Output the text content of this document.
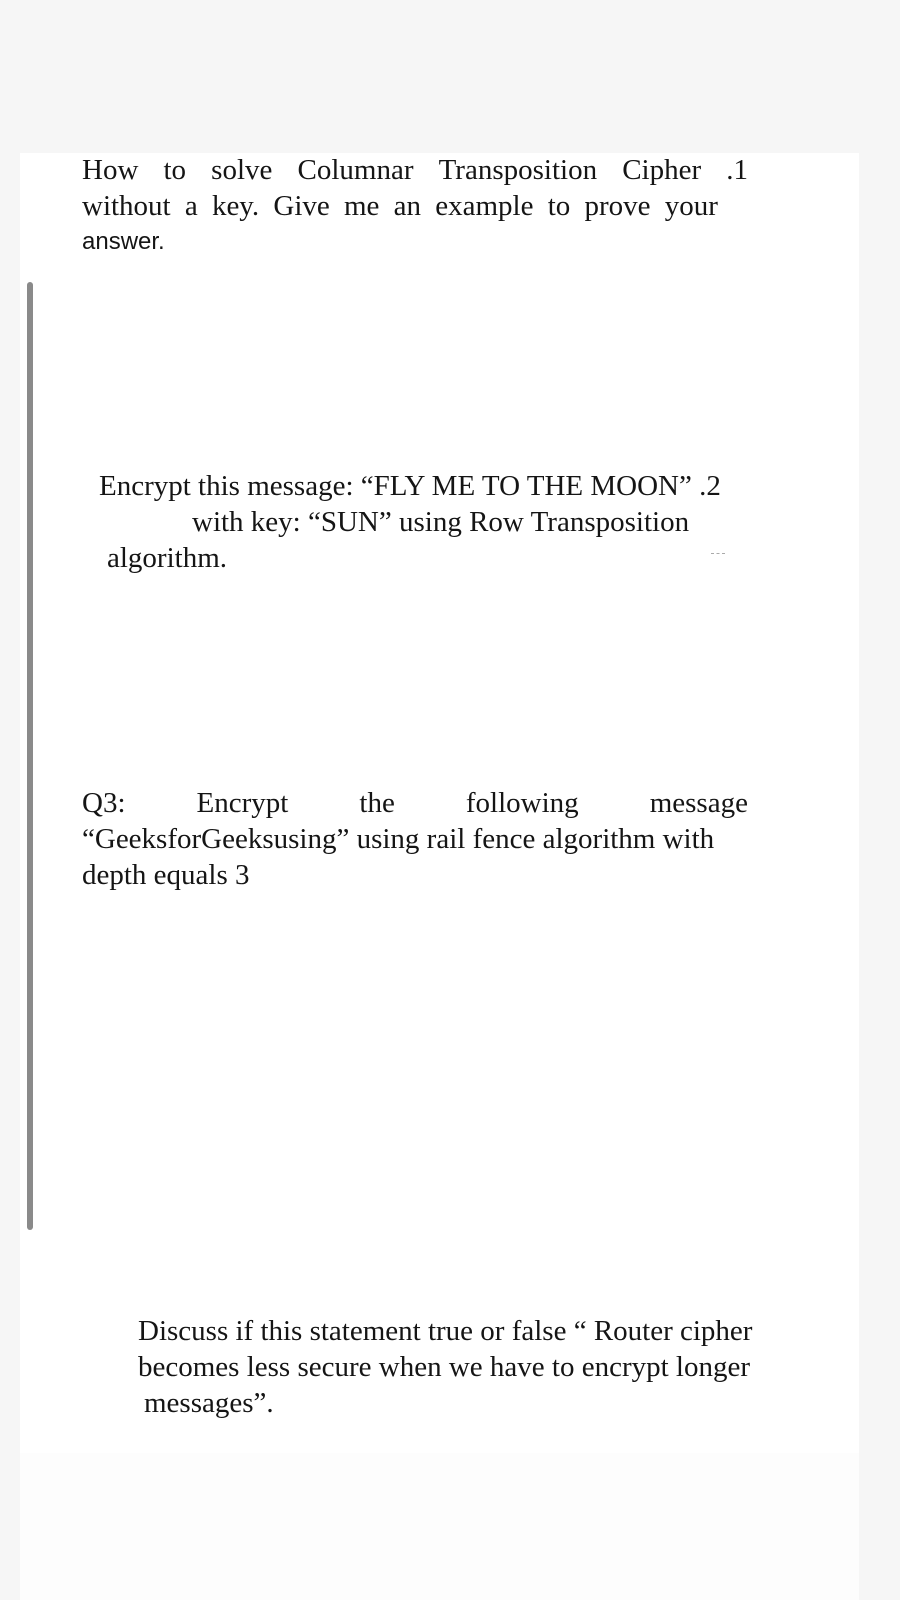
How to solve Columnar Transposition Cipher .1
without a key. Give me an example to prove your
answer.
Encrypt this message: “FLY ME TO THE MOON” .2
with key: “SUN” using Row Transposition
algorithm.
Q3: Encrypt the following message
“GeeksforGeeksusing” using rail fence algorithm with
depth equals 3
Discuss if this statement true or false “ Router cipher
becomes less secure when we have to encrypt longer
messages”.
